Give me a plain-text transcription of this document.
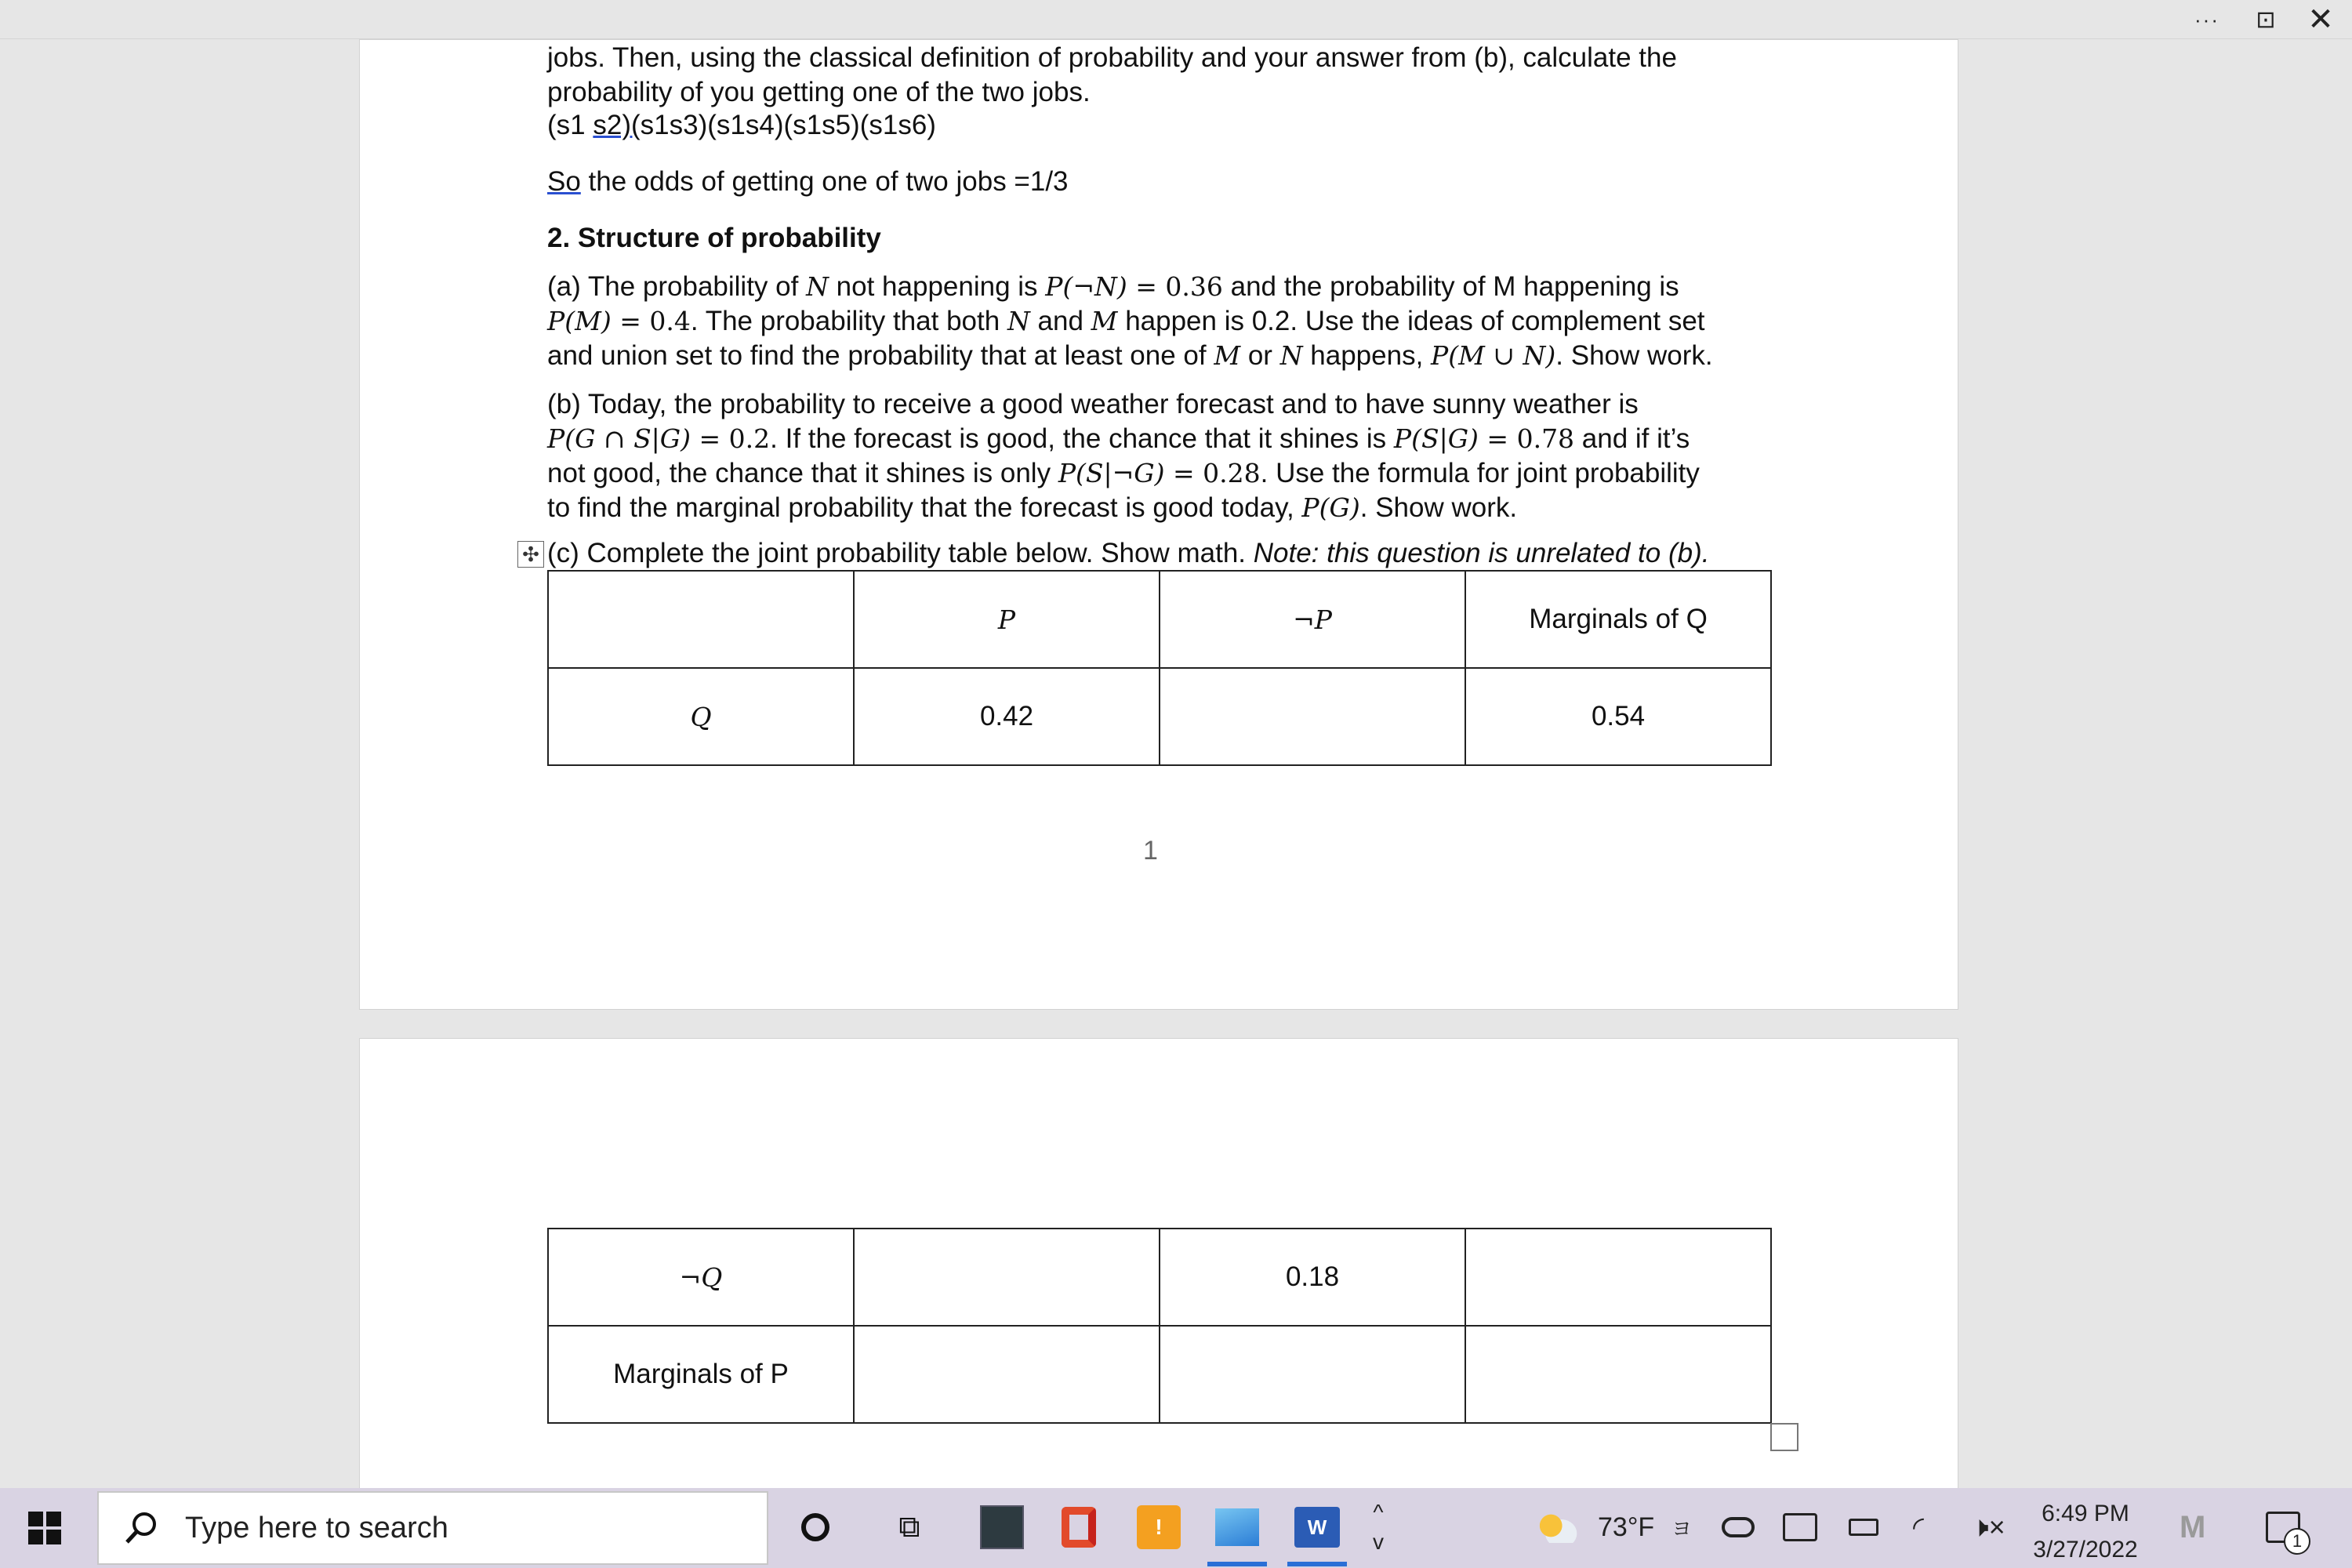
···	⊡	✕
jobs. Then, using the classical definition of probability and your answer from (b), calculate the
probability of you getting one of the two jobs.
(s1 s2)(s1s3)(s1s4)(s1s5)(s1s6)
So the odds of getting one of two jobs =1/3
2. Structure of probability
(a) The probability of N not happening is P(¬N) = 0.36 and the probability of M happening is
P(M) = 0.4. The probability that both N and M happen is 0.2. Use the ideas of complement set
and union set to find the probability that at least one of M or N happens, P(M ∪ N). Show work.
(b) Today, the probability to receive a good weather forecast and to have sunny weather is
P(G ∩ S|G) = 0.2. If the forecast is good, the chance that it shines is P(S|G) = 0.78 and if it’s
not good, the chance that it shines is only P(S|¬G) = 0.28. Use the formula for joint probability
to find the marginal probability that the forecast is good today, P(G). Show work.
✣ (c) Complete the joint probability table below. Show math. Note: this question is unrelated to (b).
	P	¬P	Marginals of Q
Q	0.42		0.54
1
¬Q		0.18	
Marginals of P			
Type here to search	⧉	!	W
^
v	73°F ヨ	◜ 🕨×	6:49 PM
3/27/2022
M	1
